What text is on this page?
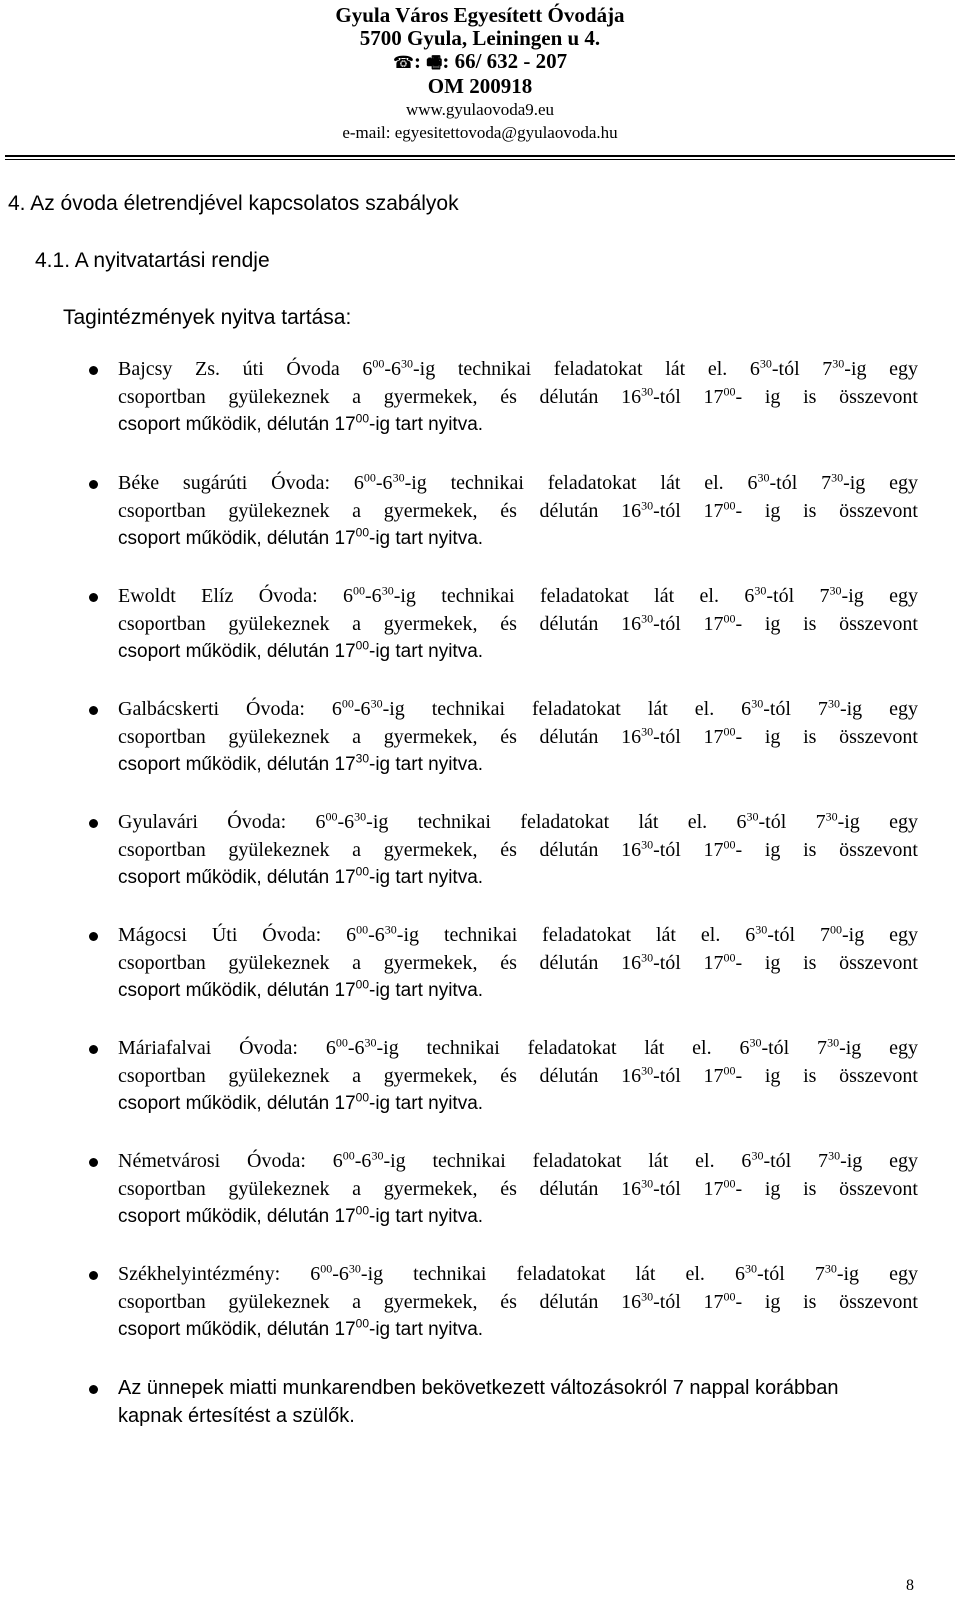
Gyula Város Egyesített Óvodája
5700 Gyula, Leiningen u 4.
☎: 🖷: 66/ 632 - 207
OM 200918
www.gyulaovoda9.eu
e-mail: egyesitettovoda@gyulaovoda.hu
4. Az óvoda életrendjével kapcsolatos szabályok
4.1. A nyitvatartási rendje
Tagintézmények nyitva tartása:
Bajcsy Zs. úti Óvoda $6^{00}-6^{30}-ig$ technikai feladatokat lát el. $6^{30}$-tól $7^{30}-ig$ egy
csoportban gyülekeznek a gyermekek, és délután $16^{30}$-tól $17^{00}-$ ig is összevont
csoport működik, délután $17^{00}-ig$ tart nyitva.
Béke sugárúti Óvoda: $6^{00}-6^{30}-ig$ technikai feladatokat lát el. $6^{30}$-tól $7^{30}-ig$ egy
csoportban gyülekeznek a gyermekek, és délután $16^{30}$-tól $17^{00}-$ ig is összevont
csoport működik, délután $17^{00}-ig$ tart nyitva.
Ewoldt Elíz Óvoda: $6^{00}-6^{30}-ig$ technikai feladatokat lát el. $6^{30}$-tól $7^{30}-ig$ egy
csoportban gyülekeznek a gyermekek, és délután $16^{30}$-tól $17^{00}-$ ig is összevont
csoport működik, délután $17^{00}-ig$ tart nyitva.
Galbácskerti Óvoda: $6^{00}-6^{30}-ig$ technikai feladatokat lát el. $6^{30}$-tól $7^{30}-ig$ egy
csoportban gyülekeznek a gyermekek, és délután $16^{30}$-tól $17^{00}-$ ig is összevont
csoport működik, délután $17^{30}-ig$ tart nyitva.
Gyulavári Óvoda: $6^{00}-6^{30}-ig$ technikai feladatokat lát el. $6^{30}$-tól $7^{30}-ig$ egy
csoportban gyülekeznek a gyermekek, és délután $16^{30}$-tól $17^{00}-$ ig is összevont
csoport működik, délután $17^{00}-ig$ tart nyitva.
Mágocsi Úti Óvoda: $6^{00}-6^{30}-ig$ technikai feladatokat lát el. $6^{30}$-tól $7^{00}-ig$ egy
csoportban gyülekeznek a gyermekek, és délután $16^{30}$-tól $17^{00}-$ ig is összevont
csoport működik, délután $17^{00}-ig$ tart nyitva.
Máriafalvai Óvoda: $6^{00}-6^{30}-ig$ technikai feladatokat lát el. $6^{30}$-tól $7^{30}-ig$ egy
csoportban gyülekeznek a gyermekek, és délután $16^{30}$-tól $17^{00}-$ ig is összevont
csoport működik, délután $17^{00}-ig$ tart nyitva.
Németvárosi Óvoda: $6^{00}-6^{30}-ig$ technikai feladatokat lát el. $6^{30}$-tól $7^{30}-ig$ egy
csoportban gyülekeznek a gyermekek, és délután $16^{30}$-tól $17^{00}-$ ig is összevont
csoport működik, délután $17^{00}-ig$ tart nyitva.
Székhelyintézmény: $6^{00}-6^{30}-ig$ technikai feladatokat lát el. $6^{30}$-tól $7^{30}-ig$ egy
csoportban gyülekeznek a gyermekek, és délután $16^{30}$-tól $17^{00}-$ ig is összevont
csoport működik, délután $17^{00}-ig$ tart nyitva.
Az ünnepek miatti munkarendben bekövetkezett változásokról 7 nappal korábban
kapnak értesítést a szülők.
8
